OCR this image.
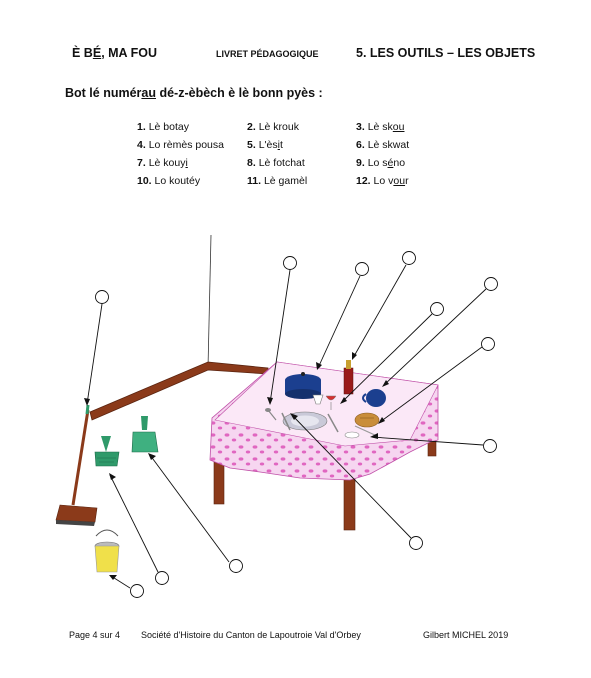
È BÉ, MA FOU	LIVRET PÉDAGOGIQUE	5. LES OUTILS – LES OBJETS
Bot lé numérau dé-z-èbèch è lè bonn pyès :
1. Lè botay	2. Lè krouk	3. Lè skou
4. Lo rèmès pousa 5. L'èsit	6. Lè skwat
7. Lè kouyi	8. Lè fotchat	9. Lo séno
10. Lo koutéy	11. Lè gamèl	12. Lo vour
Page 4 sur 4 Société d'Histoire du Canton de Lapoutroie Val d'Orbey	Gilbert MICHEL 2019
